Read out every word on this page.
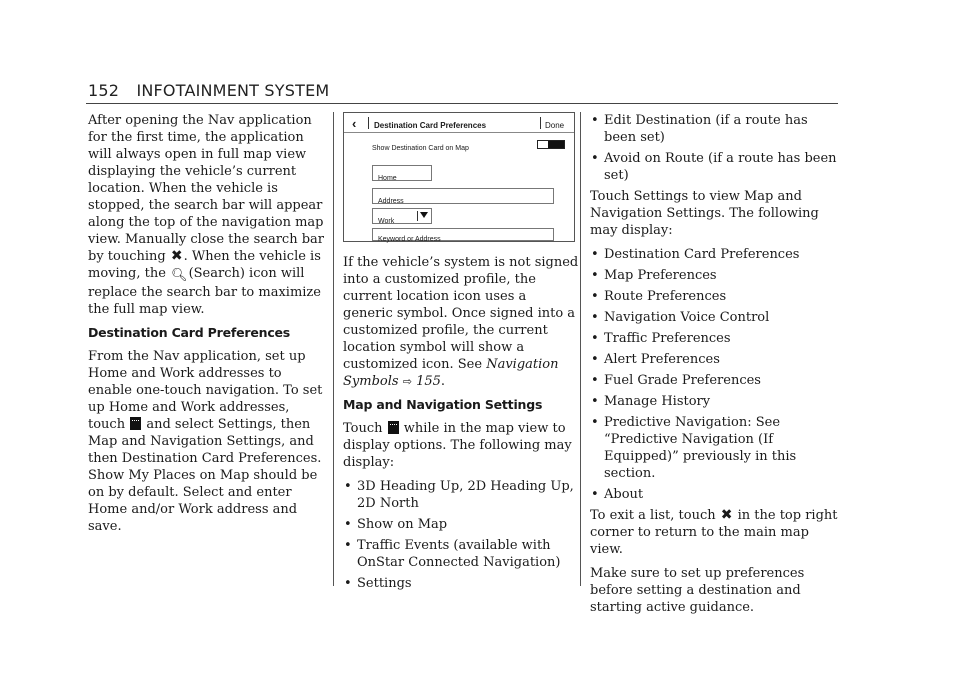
152 INFOTAINMENT SYSTEM

After opening the Nav application for the first time, the application will always open in full map view displaying the vehicle’s current location. When the vehicle is stopped, the search bar will appear along the top of the navigation map view. Manually close the search bar by touching ✖. When the vehicle is moving, the 🔍︎(Search) icon will replace the search bar to maximize the full map view.

Destination Card Preferences

From the Nav application, set up Home and Work addresses to enable one-touch navigation. To set up Home and Work addresses, touch and select Settings, then Map and Navigation Settings, and then Destination Card Preferences. Show My Places on Map should be on by default. Select and enter Home and/or Work address and save.

‹ Destination Card Preferences	Done
Show Destination Card on Map
Home
Address
Work
Keyword or Address

If the vehicle’s system is not signed into a customized profile, the current location icon uses a generic symbol. Once signed into a customized profile, the current location symbol will show a customized icon. See Navigation Symbols ⇨ 155.

Map and Navigation Settings

Touch while in the map view to display options. The following may display:

• 3D Heading Up, 2D Heading Up, 2D North
• Show on Map
• Traffic Events (available with OnStar Connected Navigation)
• Settings
• Edit Destination (if a route has been set)
• Avoid on Route (if a route has been set)

Touch Settings to view Map and Navigation Settings. The following may display:

• Destination Card Preferences
• Map Preferences
• Route Preferences
• Navigation Voice Control
• Traffic Preferences
• Alert Preferences
• Fuel Grade Preferences
• Manage History
• Predictive Navigation: See “Predictive Navigation (If Equipped)” previously in this section.
• About

To exit a list, touch ✖ in the top right corner to return to the main map view.

Make sure to set up preferences before setting a destination and starting active guidance.
